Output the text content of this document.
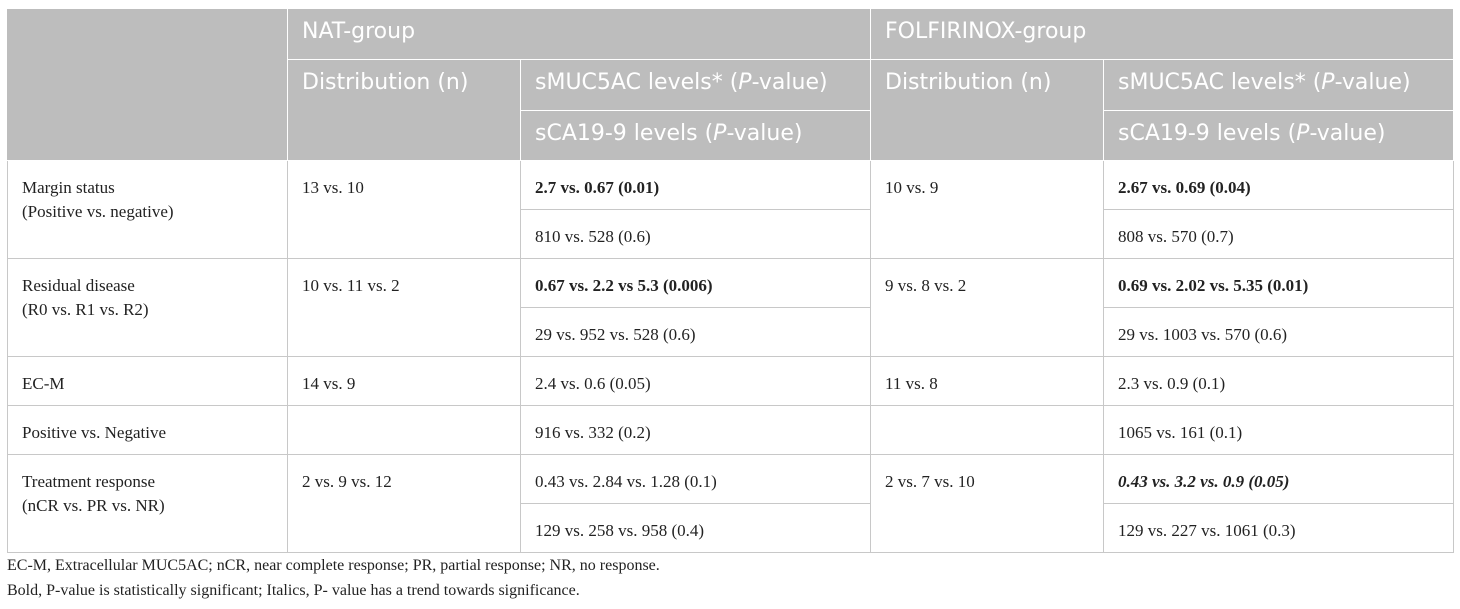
	NAT-group		FOLFIRINOX-group	
	Distribution (n)	sMUC5AC levels* (P-value)	Distribution (n)	sMUC5AC levels* (P-value)
		sCA19-9 levels (P-value)		sCA19-9 levels (P-value)
Margin status
(Positive vs. negative)	13 vs. 10	2.7 vs. 0.67 (0.01)	10 vs. 9	2.67 vs. 0.69 (0.04)
		810 vs. 528 (0.6)		808 vs. 570 (0.7)
Residual disease
(R0 vs. R1 vs. R2)	10 vs. 11 vs. 2	0.67 vs. 2.2 vs 5.3 (0.006)	9 vs. 8 vs. 2	0.69 vs. 2.02 vs. 5.35 (0.01)
		29 vs. 952 vs. 528 (0.6)		29 vs. 1003 vs. 570 (0.6)
EC-M	14 vs. 9	2.4 vs. 0.6 (0.05)	11 vs. 8	2.3 vs. 0.9 (0.1)
Positive vs. Negative		916 vs. 332 (0.2)		1065 vs. 161 (0.1)
Treatment response
(nCR vs. PR vs. NR)	2 vs. 9 vs. 12	0.43 vs. 2.84 vs. 1.28 (0.1)	2 vs. 7 vs. 10	0.43 vs. 3.2 vs. 0.9 (0.05)
		129 vs. 258 vs. 958 (0.4)		129 vs. 227 vs. 1061 (0.3)
EC-M, Extracellular MUC5AC; nCR, near complete response; PR, partial response; NR, no response.
Bold, P-value is statistically significant; Italics, P- value has a trend towards significance.
